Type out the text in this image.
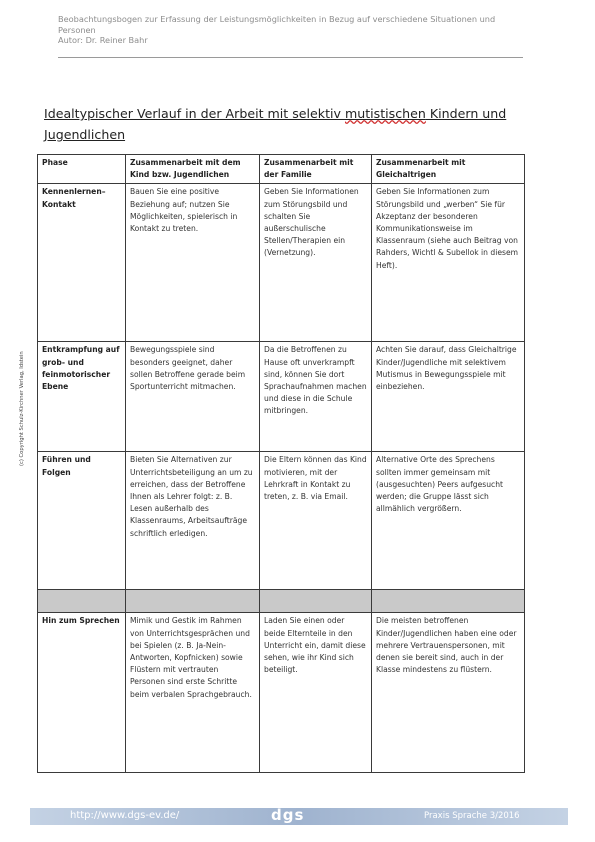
Beobachtungsbogen zur Erfassung der Leistungsmöglichkeiten in Bezug auf verschiedene Situationen und Personen
Autor: Dr. Reiner Bahr
Idealtypischer Verlauf in der Arbeit mit selektiv mutistischen Kindern und Jugendlichen
(c) Copyright Schulz-Kirchner Verlag, Idstein
Phase	Zusammenarbeit mit dem Kind bzw. Jugendlichen	Zusammenarbeit mit der Familie	Zusammenarbeit mit Gleichaltrigen
Kennenlernen–Kontakt	Bauen Sie eine positive Beziehung auf; nutzen Sie Möglichkeiten, spielerisch in Kontakt zu treten.	Geben Sie Informationen zum Störungsbild und schalten Sie außerschulische Stellen/Therapien ein (Vernetzung).	Geben Sie Informationen zum Störungsbild und „werben“ Sie für Akzeptanz der besonderen Kommunikationsweise im Klassenraum (siehe auch Beitrag von Rahders, Wichtl & Subellok in diesem Heft).
Entkrampfung auf grob- und feinmotorischer Ebene	Bewegungsspiele sind besonders geeignet, daher sollen Betroffene gerade beim Sportunterricht mitmachen.	Da die Betroffenen zu Hause oft unverkrampft sind, können Sie dort Sprachaufnahmen machen und diese in die Schule mitbringen.	Achten Sie darauf, dass Gleichaltrige Kinder/Jugendliche mit selektivem Mutismus in Bewegungsspiele mit einbeziehen.
Führen und Folgen	Bieten Sie Alternativen zur Unterrichtsbeteiligung an um zu erreichen, dass der Betroffene Ihnen als Lehrer folgt: z. B. Lesen außerhalb des Klassenraums, Arbeitsaufträge schriftlich erledigen.	Die Eltern können das Kind motivieren, mit der Lehrkraft in Kontakt zu treten, z. B. via Email.	Alternative Orte des Sprechens sollten immer gemeinsam mit (ausgesuchten) Peers aufgesucht werden; die Gruppe lässt sich allmählich vergrößern.

Hin zum Sprechen	Mimik und Gestik im Rahmen von Unterrichtsgesprächen und bei Spielen (z. B. Ja-Nein-Antworten, Kopfnicken) sowie Flüstern mit vertrauten Personen sind erste Schritte beim verbalen Sprachgebrauch.	Laden Sie einen oder beide Elternteile in den Unterricht ein, damit diese sehen, wie ihr Kind sich beteiligt.	Die meisten betroffenen Kinder/Jugendlichen haben eine oder mehrere Vertrauenspersonen, mit denen sie bereit sind, auch in der Klasse mindestens zu flüstern.
http://www.dgs-ev.de/	dgs	Praxis Sprache 3/2016
